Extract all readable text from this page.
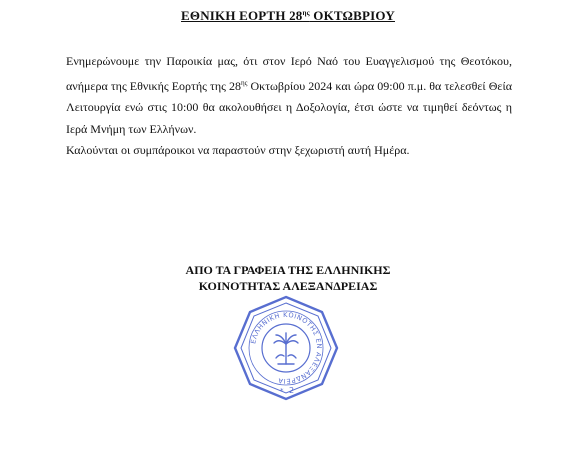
ΕΘΝΙΚΗ ΕΟΡΤΗ $28^{\eta\varsigma}$ ΟΚΤΩΒΡΙΟΥ

Ενημερώνουμε την Παροικία μας, ότι στον Ιερό Ναό του Ευαγγελισμού της Θεοτόκου, ανήμερα της Εθνικής Εορτής της $28^{\eta\varsigma}$ Οκτωβρίου 2024 και ώρα 09:00 π.μ. θα τελεσθεί Θεία Λειτουργία ενώ στις 10:00 θα ακολουθήσει η Δοξολογία, έτσι ώστε να τιμηθεί δεόντως η Ιερά Μνήμη των Ελλήνων.

Καλούνται οι συμπάροικοι να παραστούν στην ξεχωριστή αυτή Ημέρα.

ΑΠΟ ΤΑ ΓΡΑΦΕΙΑ ΤΗΣ ΕΛΛΗΝΙΚΗΣ
ΚΟΙΝΟΤΗΤΑΣ ΑΛΕΞΑΝΔΡΕΙΑΣ
ΕΛΛΗΝΙΚΗ ΚΟΙΝΟΤΗΣ ΕΝ ΑΛΕΞΑΝΔΡΕΙΑ
2
*
